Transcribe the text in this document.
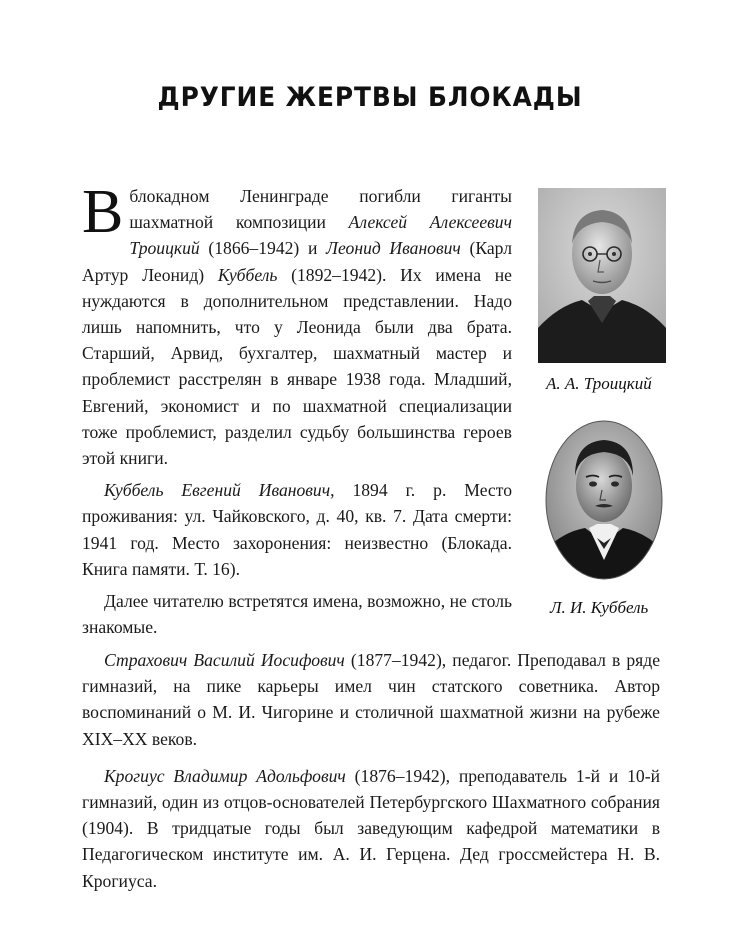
ДРУГИЕ ЖЕРТВЫ БЛОКАДЫ

В блокадном Ленинграде погибли гиганты шахматной композиции Алексей Алексеевич Троицкий (1866–1942) и Леонид Иванович (Карл Артур Леонид) Куббель (1892–1942). Их имена не нуждаются в дополнительном представлении. Надо лишь напомнить, что у Леонида были два брата. Старший, Арвид, бухгалтер, шахматный мастер и проблемист расстрелян в январе 1938 года. Младший, Евгений, экономист и по шахматной специализации тоже проблемист, разделил судьбу большинства героев этой книги.

Куббель Евгений Иванович, 1894 г. р. Место проживания: ул. Чайковского, д. 40, кв. 7. Дата смерти: 1941 год. Место захоронения: неизвестно (Блокада. Книга памяти. Т. 16).

Далее читателю встретятся имена, возможно, не столь знакомые.

Страхович Василий Иосифович (1877–1942), педагог. Преподавал в ряде гимназий, на пике карьеры имел чин статского советника. Автор воспоминаний о М. И. Чигорине и столичной шахматной жизни на рубеже XIX–XX веков.

Крогиус Владимир Адольфович (1876–1942), преподаватель 1-й и 10-й гимназий, один из отцов-основателей Петербургского Шахматного собрания (1904). В тридцатые годы был заведующим кафедрой математики в Педагогическом институте им. А. И. Герцена. Дед гроссмейстера Н. В. Крогиуса.

А. А. Троицкий
Л. И. Куббель
